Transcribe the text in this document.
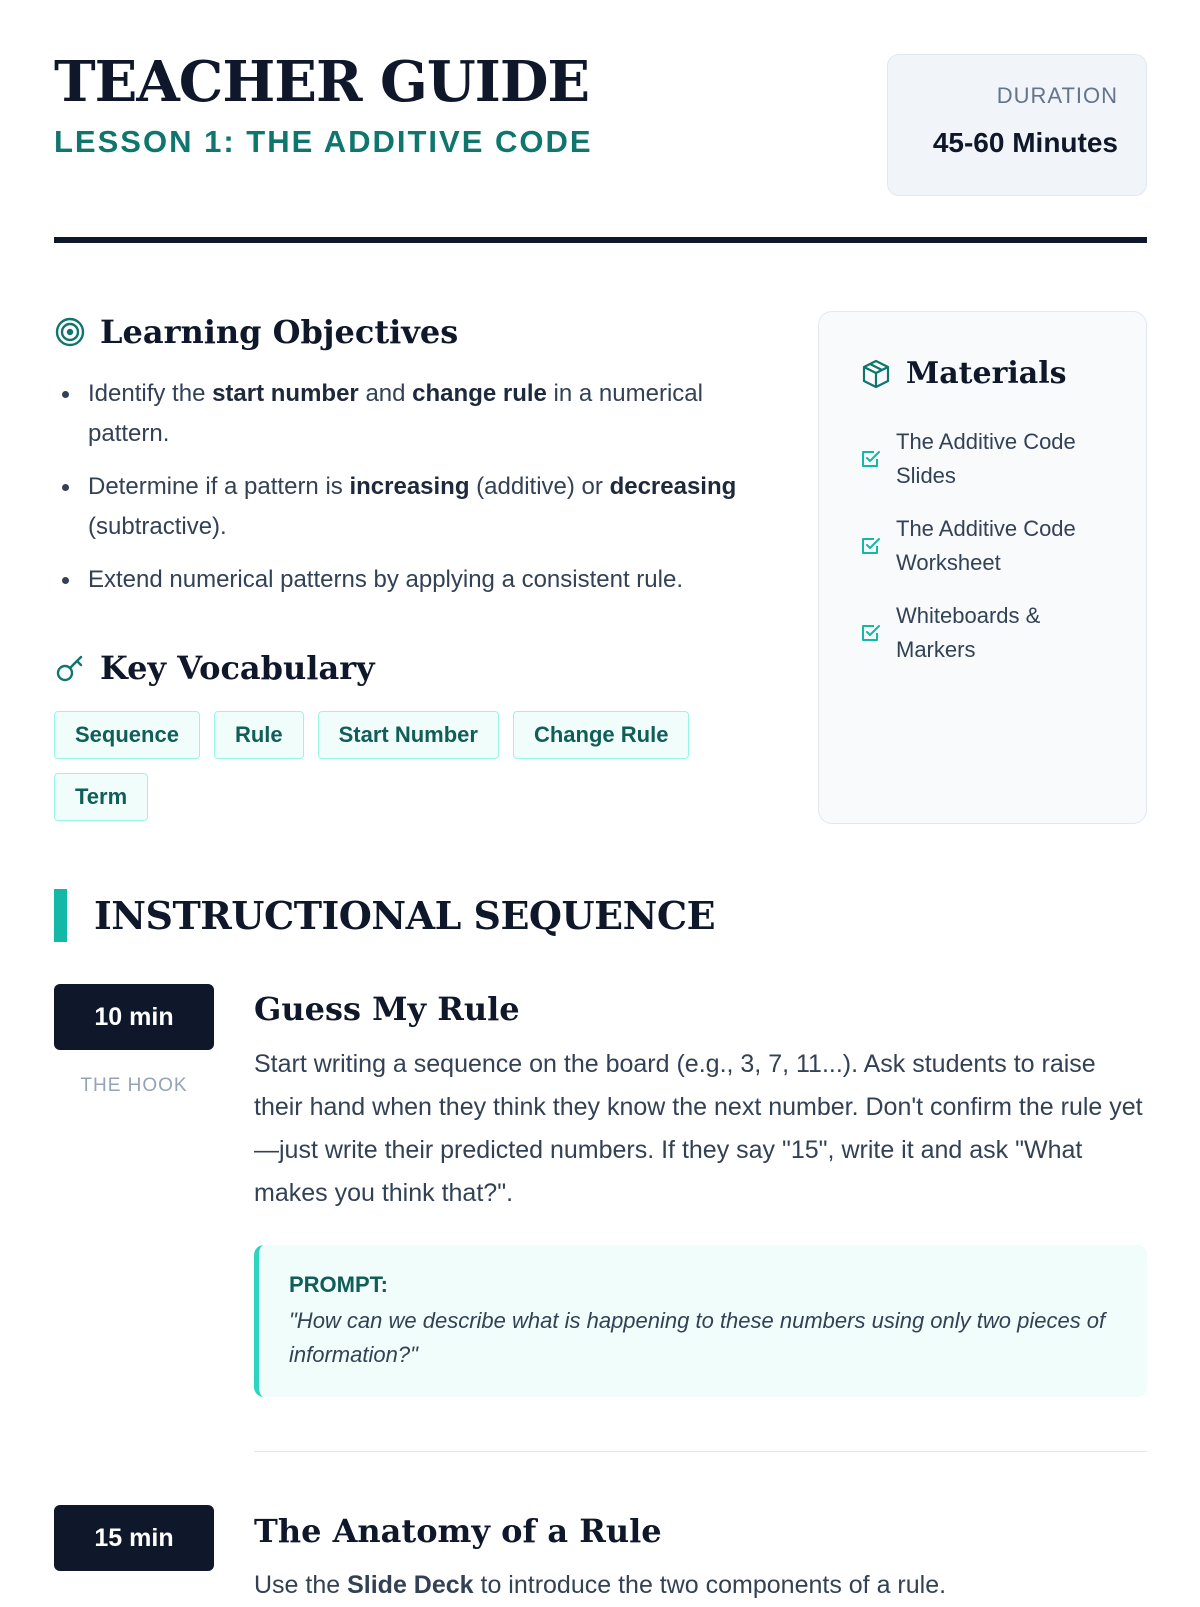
TEACHER GUIDE
LESSON 1: THE ADDITIVE CODE
DURATION
45-60 Minutes
Learning Objectives
Identify the start number and change rule in a numerical pattern.
Determine if a pattern is increasing (additive) or decreasing (subtractive).
Extend numerical patterns by applying a consistent rule.
Key Vocabulary
Sequence	Rule	Start Number	Change Rule
Term
Materials
The Additive Code Slides
The Additive Code Worksheet
Whiteboards & Markers
INSTRUCTIONAL SEQUENCE
10 min
THE HOOK
Guess My Rule

Start writing a sequence on the board (e.g., 3, 7, 11...). Ask students to raise their hand when they think they know the next number. Don't confirm the rule yet—just write their predicted numbers. If they say "15", write it and ask "What makes you think that?".

PROMPT:
"How can we describe what is happening to these numbers using only two pieces of information?"
15 min	The Anatomy of a Rule

Use the Slide Deck to introduce the two components of a rule.
